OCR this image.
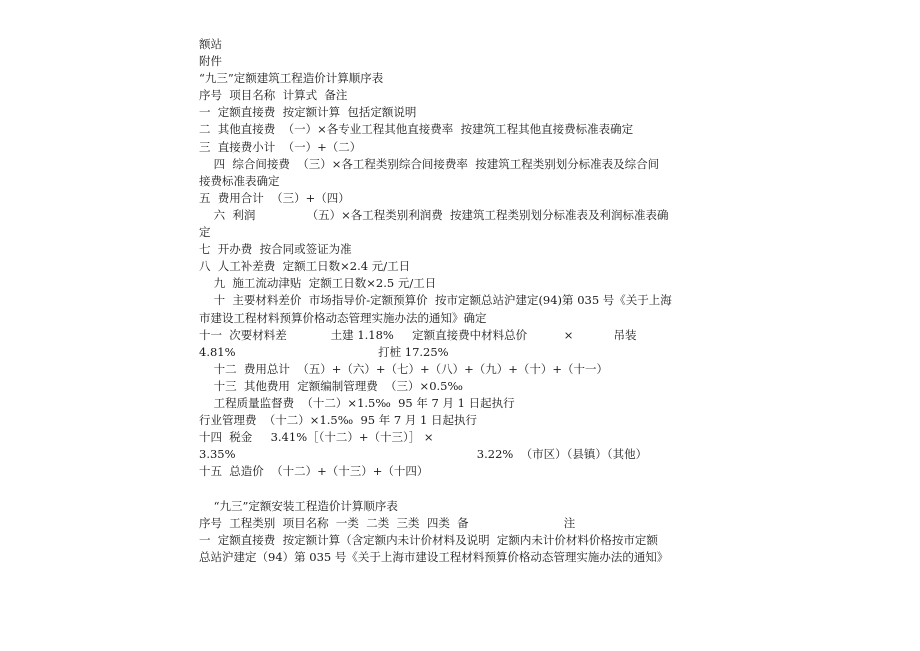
额站
附件
“九三”定额建筑工程造价计算顺序表
序号  项目名称  计算式  备注
一  定额直接费  按定额计算  包括定额说明
二  其他直接费  （一）×各专业工程其他直接费率  按建筑工程其他直接费标准表确定
三  直接费小计  （一）+（二）
四  综合间接费  （三）×各工程类别综合间接费率  按建筑工程类别划分标准表及综合间
接费标准表确定
五  费用合计  （三）+（四）
六  利润              （五）×各工程类别利润费  按建筑工程类别划分标准表及利润标准表确
定
七  开办费  按合同或签证为准
八  人工补差费  定额工日数×2.4 元/工日
九  施工流动津贴  定额工日数×2.5 元/工日
十  主要材料差价  市场指导价-定额预算价  按市定额总站沪建定(94)第 035 号《关于上海
市建设工程材料预算价格动态管理实施办法的通知》确定
十一  次要材料差            土建 1.18%     定额直接费中材料总价          ×           吊装
4.81%                                       打桩 17.25%
十二  费用总计  （五）+（六）+（七）+（八）+（九）+（十）+（十一）
十三  其他费用  定额编制管理费  （三）×0.5‰
工程质量监督费  （十二）×1.5‰  95 年 7 月 1 日起执行
行业管理费  （十二）×1.5‰  95 年 7 月 1 日起执行
十四  税金     3.41%［（十二）+（十三）］ ×
3.35%                                                                  3.22%  （市区）（县镇）（其他）
十五  总造价  （十二）+（十三）+（十四）
“九三”定额安装工程造价计算顺序表
序号  工程类别  项目名称  一类  二类  三类  四类  备                          注
一  定额直接费  按定额计算（含定额内未计价材料及说明  定额内未计价材料价格按市定额
总站沪建定（94）第 035 号《关于上海市建设工程材料预算价格动态管理实施办法的通知》
